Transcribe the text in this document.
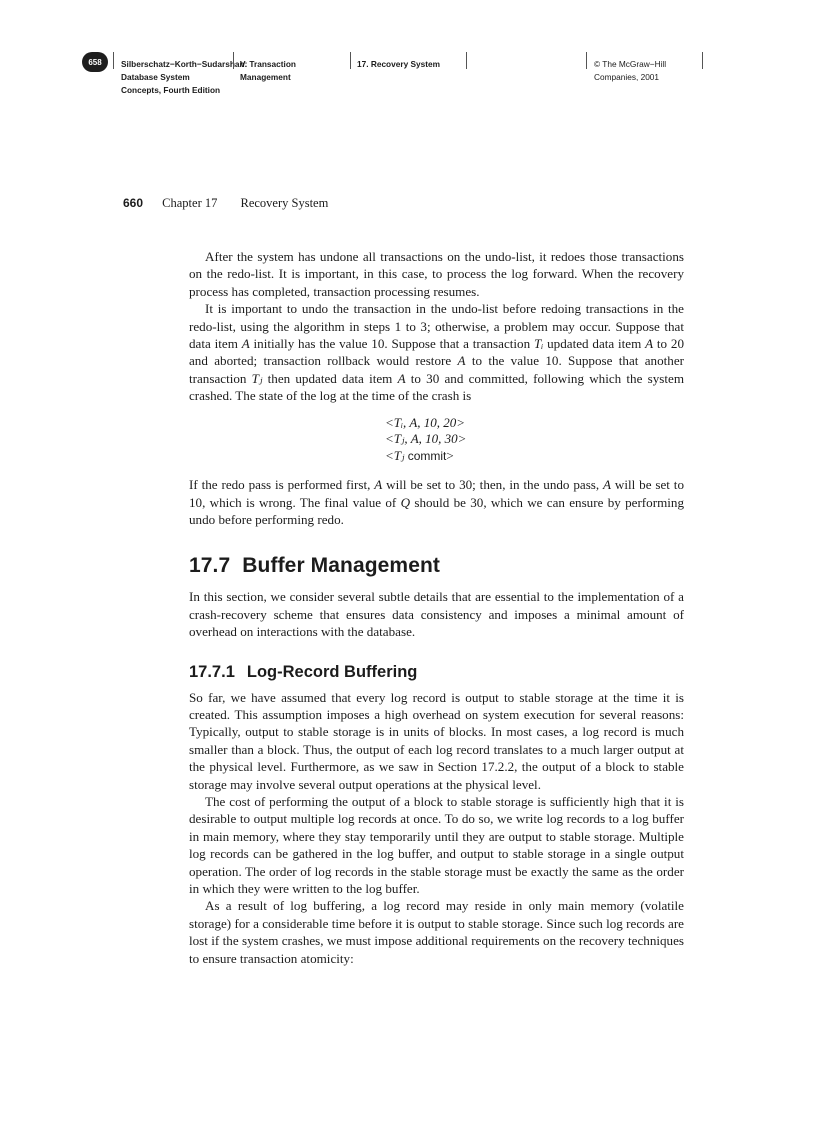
658	Silberschatz−Korth−Sudarshan:
Database System
Concepts, Fourth Edition
V. Transaction
Management
17. Recovery System	© The McGraw−Hill
Companies, 2001
660 Chapter 17 Recovery System

After the system has undone all transactions on the undo-list, it redoes those transactions on the redo-list. It is important, in this case, to process the log forward. When the recovery process has completed, transaction processing resumes.

It is important to undo the transaction in the undo-list before redoing transactions in the redo-list, using the algorithm in steps 1 to 3; otherwise, a problem may occur. Suppose that data item A initially has the value 10. Suppose that a transaction Tᵢ updated data item A to 20 and aborted; transaction rollback would restore A to the value 10. Suppose that another transaction Tⱼ then updated data item A to 30 and committed, following which the system crashed. The state of the log at the time of the crash is

<Tᵢ, A, 10, 20>
<Tⱼ, A, 10, 30>
<Tⱼ commit>

If the redo pass is performed first, A will be set to 30; then, in the undo pass, A will be set to 10, which is wrong. The final value of Q should be 30, which we can ensure by performing undo before performing redo.

17.7 Buffer Management

In this section, we consider several subtle details that are essential to the implementation of a crash-recovery scheme that ensures data consistency and imposes a minimal amount of overhead on interactions with the database.

17.7.1 Log-Record Buffering

So far, we have assumed that every log record is output to stable storage at the time it is created. This assumption imposes a high overhead on system execution for several reasons: Typically, output to stable storage is in units of blocks. In most cases, a log record is much smaller than a block. Thus, the output of each log record translates to a much larger output at the physical level. Furthermore, as we saw in Section 17.2.2, the output of a block to stable storage may involve several output operations at the physical level.

The cost of performing the output of a block to stable storage is sufficiently high that it is desirable to output multiple log records at once. To do so, we write log records to a log buffer in main memory, where they stay temporarily until they are output to stable storage. Multiple log records can be gathered in the log buffer, and output to stable storage in a single output operation. The order of log records in the stable storage must be exactly the same as the order in which they were written to the log buffer.

As a result of log buffering, a log record may reside in only main memory (volatile storage) for a considerable time before it is output to stable storage. Since such log records are lost if the system crashes, we must impose additional requirements on the recovery techniques to ensure transaction atomicity:
